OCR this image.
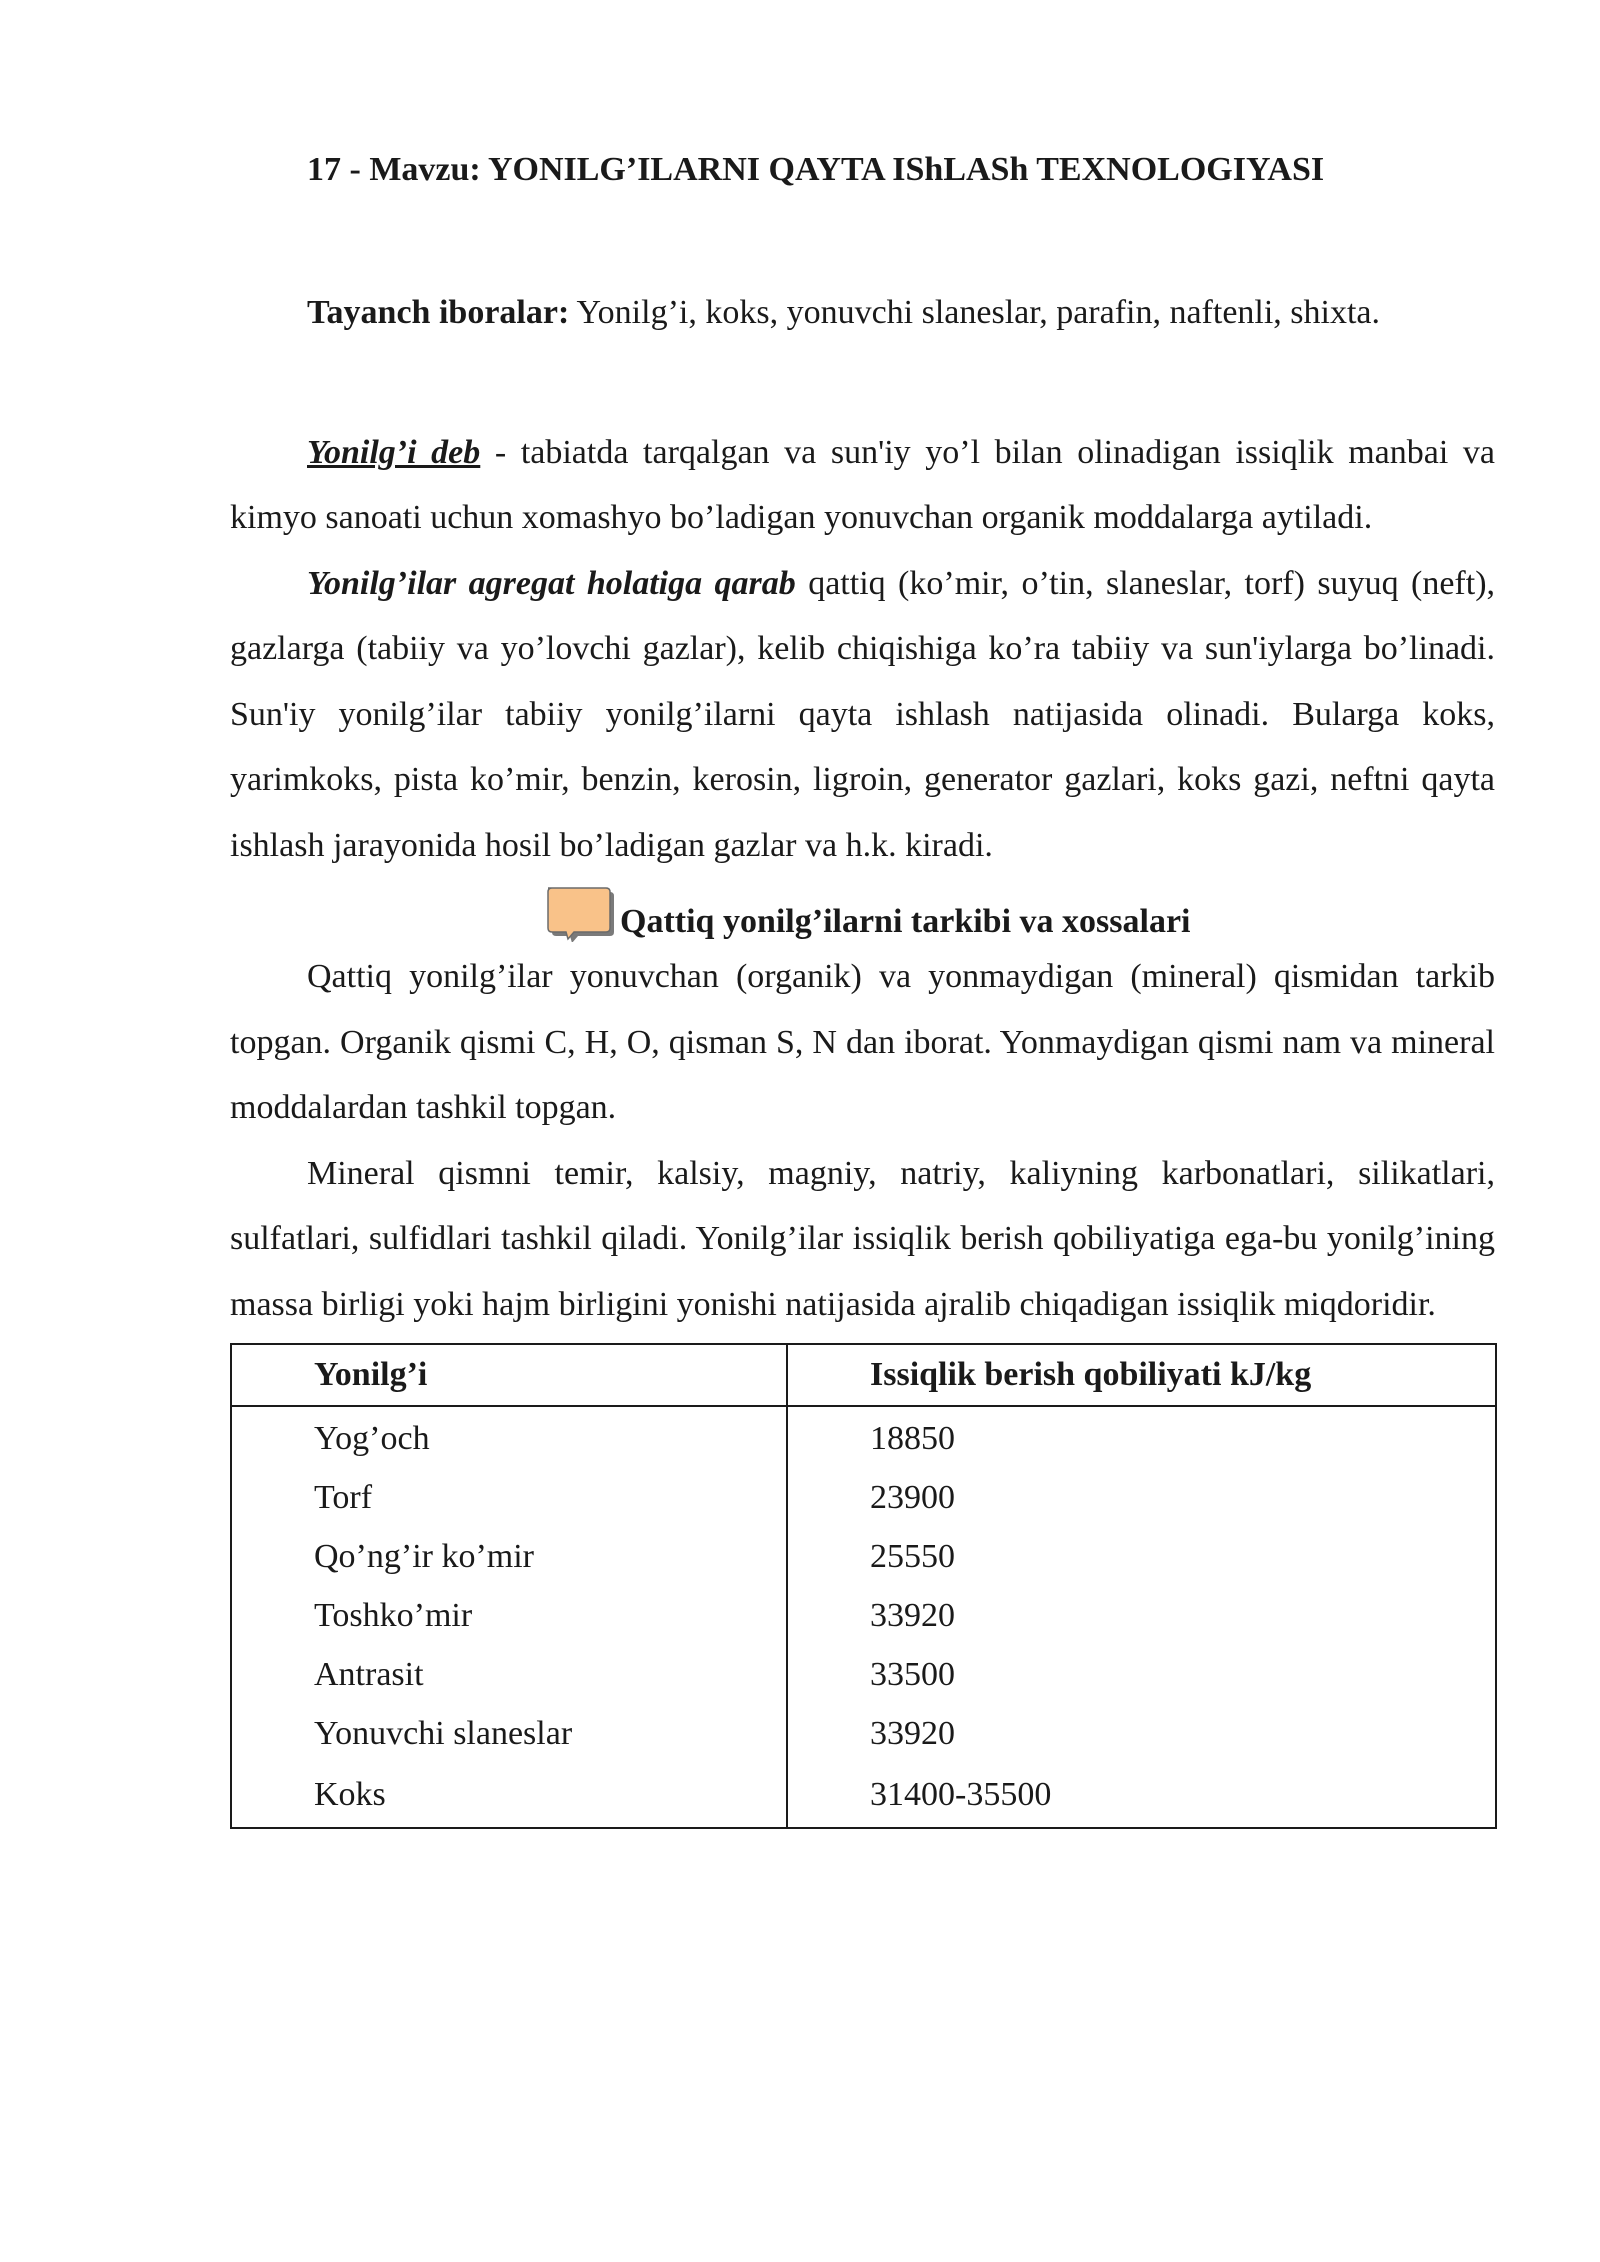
17 - Mavzu: YONILG’ILARNI QAYTA IShLASh TEXNOLOGIYASI

Tayanch iboralar: Yonilg’i, koks, yonuvchi slaneslar, parafin, naftenli, shixta.

Yonilg’i deb - tabiatda tarqalgan va sun'iy yo’l bilan olinadigan issiqlik manbai va kimyo sanoati uchun xomashyo bo’ladigan yonuvchan organik moddalarga aytiladi.

Yonilg’ilar agregat holatiga qarab qattiq (ko’mir, o’tin, slaneslar, torf) suyuq (neft), gazlarga (tabiiy va yo’lovchi gazlar), kelib chiqishiga ko’ra tabiiy va sun'iylarga bo’linadi. Sun'iy yonilg’ilar tabiiy yonilg’ilarni qayta ishlash natijasida olinadi. Bularga koks, yarimkoks, pista ko’mir, benzin, kerosin, ligroin, generator gazlari, koks gazi, neftni qayta ishlash jarayonida hosil bo’ladigan gazlar va h.k. kiradi.

Qattiq yonilg’ilarni tarkibi va xossalari

Qattiq yonilg’ilar yonuvchan (organik) va yonmaydigan (mineral) qismidan tarkib topgan. Organik qismi C, H, O, qisman S, N dan iborat. Yonmaydigan qismi nam va mineral moddalardan tashkil topgan.

Mineral qismni temir, kalsiy, magniy, natriy, kaliyning karbonatlari, silikatlari, sulfatlari, sulfidlari tashkil qiladi. Yonilg’ilar issiqlik berish qobiliyatiga ega-bu yonilg’ining massa birligi yoki hajm birligini yonishi natijasida ajralib chiqadigan issiqlik miqdoridir.

Yonilg’i	Issiqlik berish qobiliyati kJ/kg
Yog’och	18850
Torf	23900
Qo’ng’ir ko’mir	25550
Toshko’mir	33920
Antrasit	33500
Yonuvchi slaneslar	33920
Koks	31400-35500
